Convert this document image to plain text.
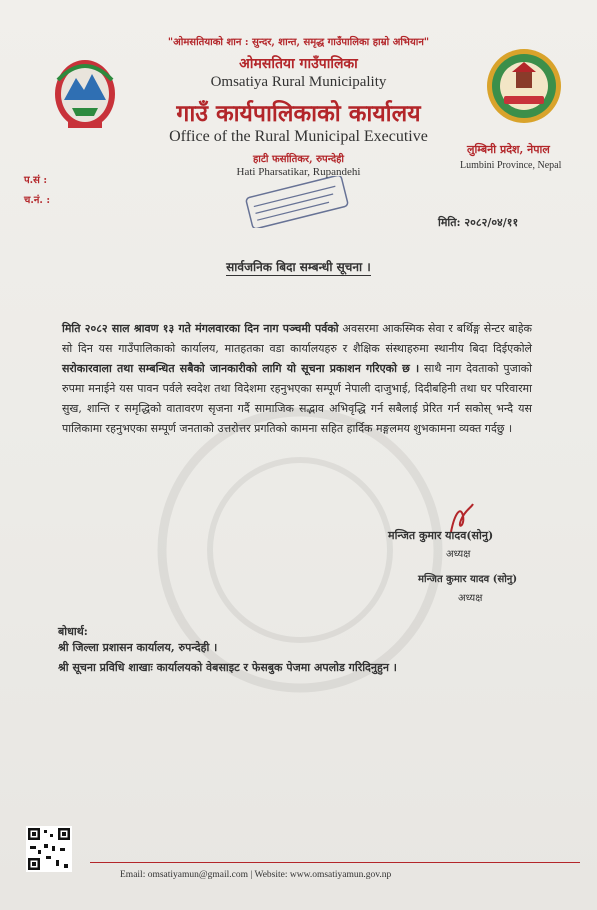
"ओमसतियाको शान : सुन्दर, शान्त, समृद्ध गाउँपालिका हाम्रो अभियान"
ओमसतिया गाउँपालिका
Omsatiya Rural Municipality
गाउँ कार्यपालिकाको कार्यालय
Office of the Rural Municipal Executive
हाटी फर्सातिकर, रुपन्देही
Hati Pharsatikar, Rupandehi
लुम्बिनी प्रदेश, नेपाल
Lumbini Province, Nepal
प.सं :
च.नं. :
मिति: २०८२/०४/११
सार्वजनिक बिदा सम्बन्धी सूचना ।
मिति २०८२ साल श्रावण १३ गते मंगलवारका दिन नाग पञ्चमी पर्वको अवसरमा आकस्मिक सेवा र बर्थिङ्ग सेन्टर बाहेक सो दिन यस गाउँपालिकाको कार्यालय, मातहतका वडा कार्यालयहरु र शैक्षिक संस्थाहरुमा स्थानीय बिदा दिईएकोले सरोकारवाला तथा सम्बन्धित सबैको जानकारीको लागि यो सूचना प्रकाशन गरिएको छ । साथै नाग देवताको पुजाको रुपमा मनाईने यस पावन पर्वले स्वदेश तथा विदेशमा रहनुभएका सम्पूर्ण नेपाली दाजुभाई, दिदीबहिनी तथा घर परिवारमा सुख, शान्ति र समृद्धिको वातावरण सृजना गर्दै सामाजिक सद्भाव अभिवृद्धि गर्न सबैलाई प्रेरित गर्न सकोस् भन्दै यस पालिकामा रहनुभएका सम्पूर्ण जनताको उत्तरोत्तर प्रगतिको कामना सहित हार्दिक मङ्गलमय शुभकामना व्यक्त गर्दछु ।
मन्जित कुमार यादव(सोनु)
अध्यक्ष
मन्जित कुमार यादव (सोनु)
अध्यक्ष
बोधार्थ:
श्री जिल्ला प्रशासन कार्यालय, रुपन्देही ।
श्री सूचना प्रविधि शाखाः कार्यालयको वेबसाइट र फेसबुक पेजमा अपलोड गरिदिनुहुन ।
Email: omsatiyamun@gmail.com | Website: www.omsatiyamun.gov.np
